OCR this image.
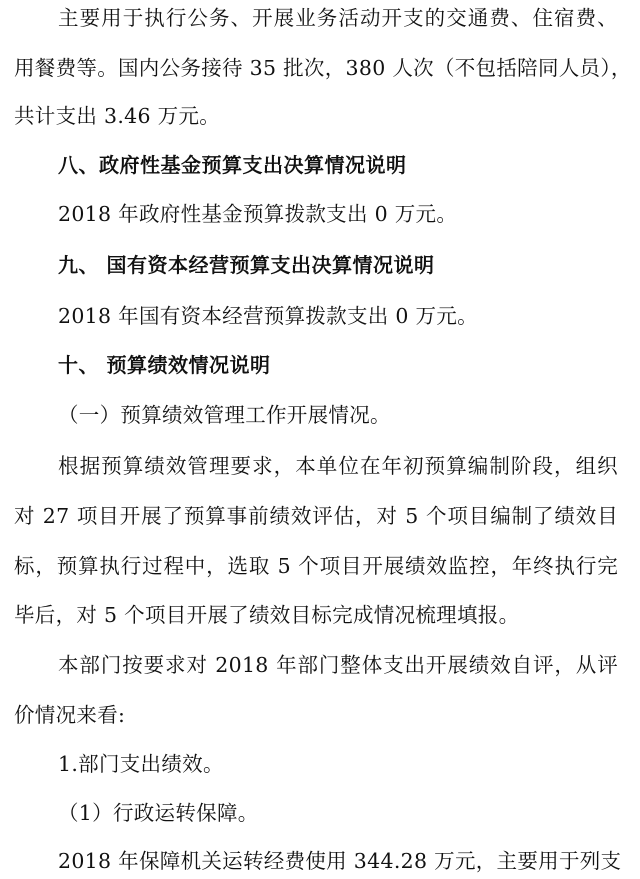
主要用于执行公务、开展业务活动开支的交通费、住宿费、

用餐费等。国内公务接待 35 批次，380 人次（不包括陪同人员），

共计支出 3.46 万元。

八、政府性基金预算支出决算情况说明

2018 年政府性基金预算拨款支出 0 万元。

九、 国有资本经营预算支出决算情况说明

2018 年国有资本经营预算拨款支出 0 万元。

十、 预算绩效情况说明

（一）预算绩效管理工作开展情况。

根据预算绩效管理要求，本单位在年初预算编制阶段，组织

对 27 项目开展了预算事前绩效评估，对 5 个项目编制了绩效目

标，预算执行过程中，选取 5 个项目开展绩效监控，年终执行完

毕后，对 5 个项目开展了绩效目标完成情况梳理填报。

本部门按要求对 2018 年部门整体支出开展绩效自评，从评

价情况来看:

1.部门支出绩效。

（1）行政运转保障。

2018 年保障机关运转经费使用 344.28 万元，主要用于列支
